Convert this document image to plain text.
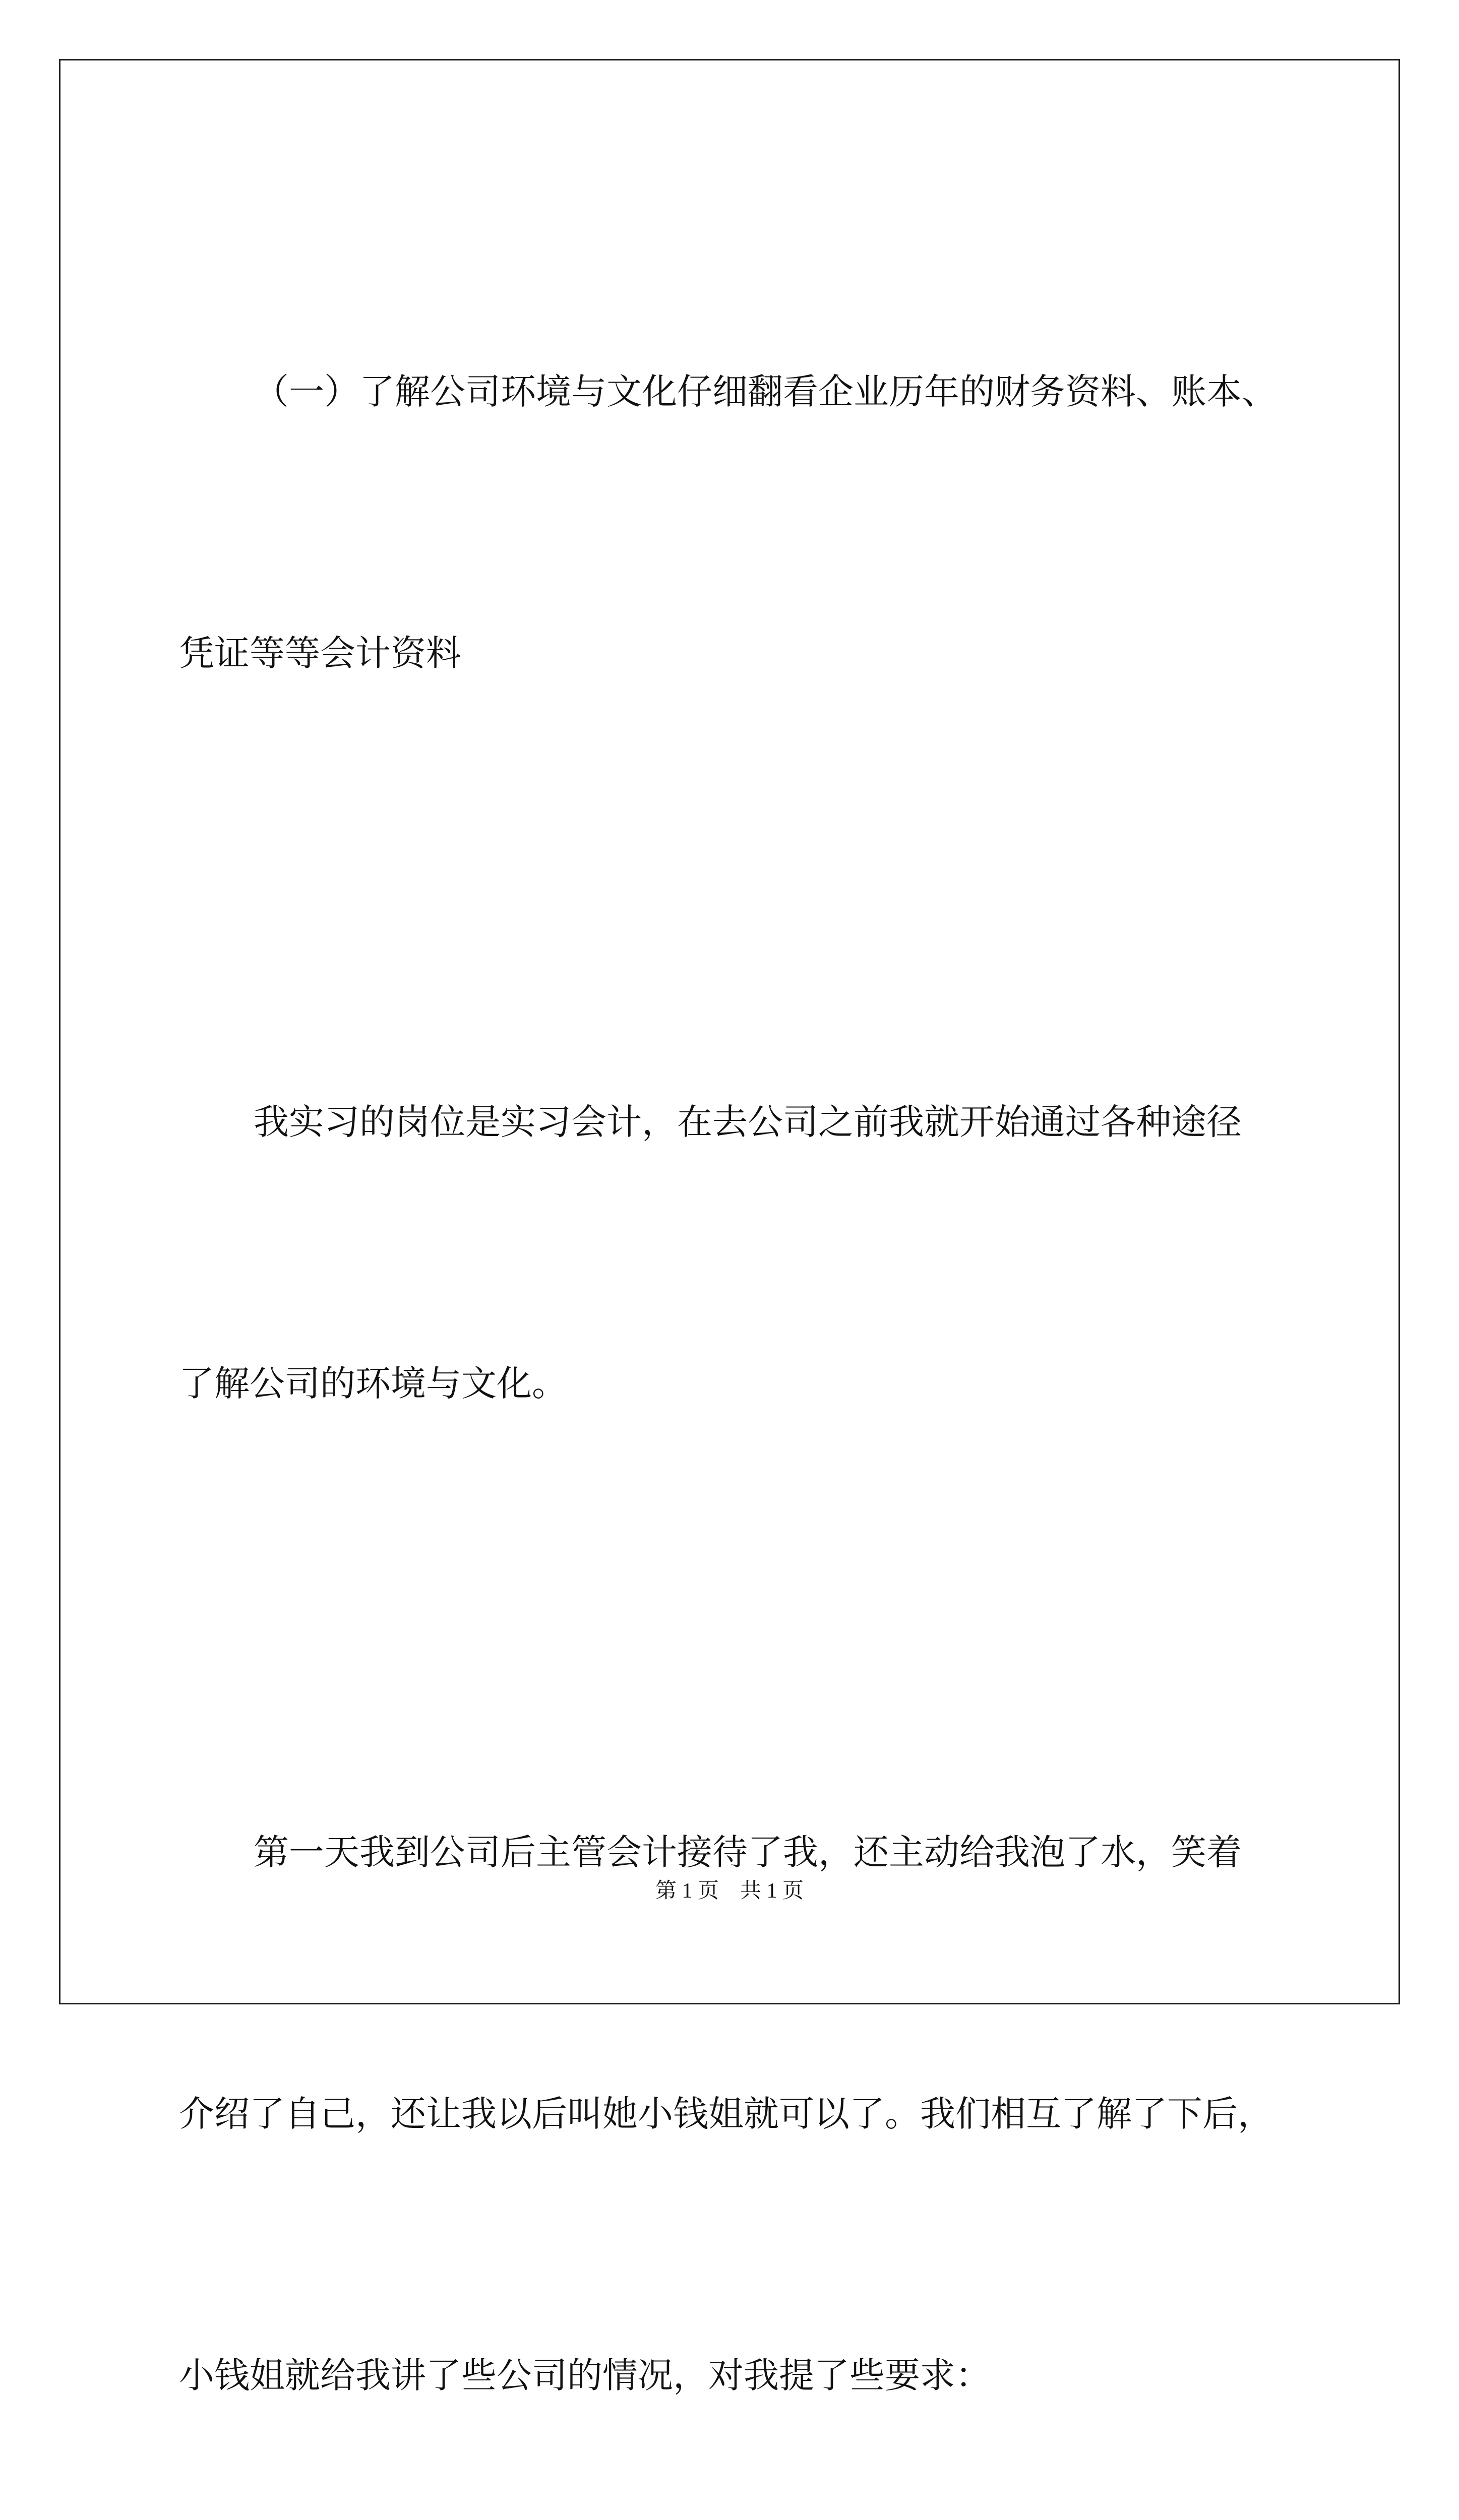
（一）了解公司环境与文化仔细翻看企业历年的财务资料、账本、

凭证等等会计资料

我实习的岗位是实习会计，在去公司之前我就开始通过各种途径

了解公司的环境与文化。

第一天我到公司后主管会计接待了我，还主动给我泡了水，笑着

介绍了自己，还让我以后叫她小钱姐就可以了。我们相互了解了下后，

小钱姐就给我讲了些公司的情况，对我提了些要求：

第 1 页　共 1 页
